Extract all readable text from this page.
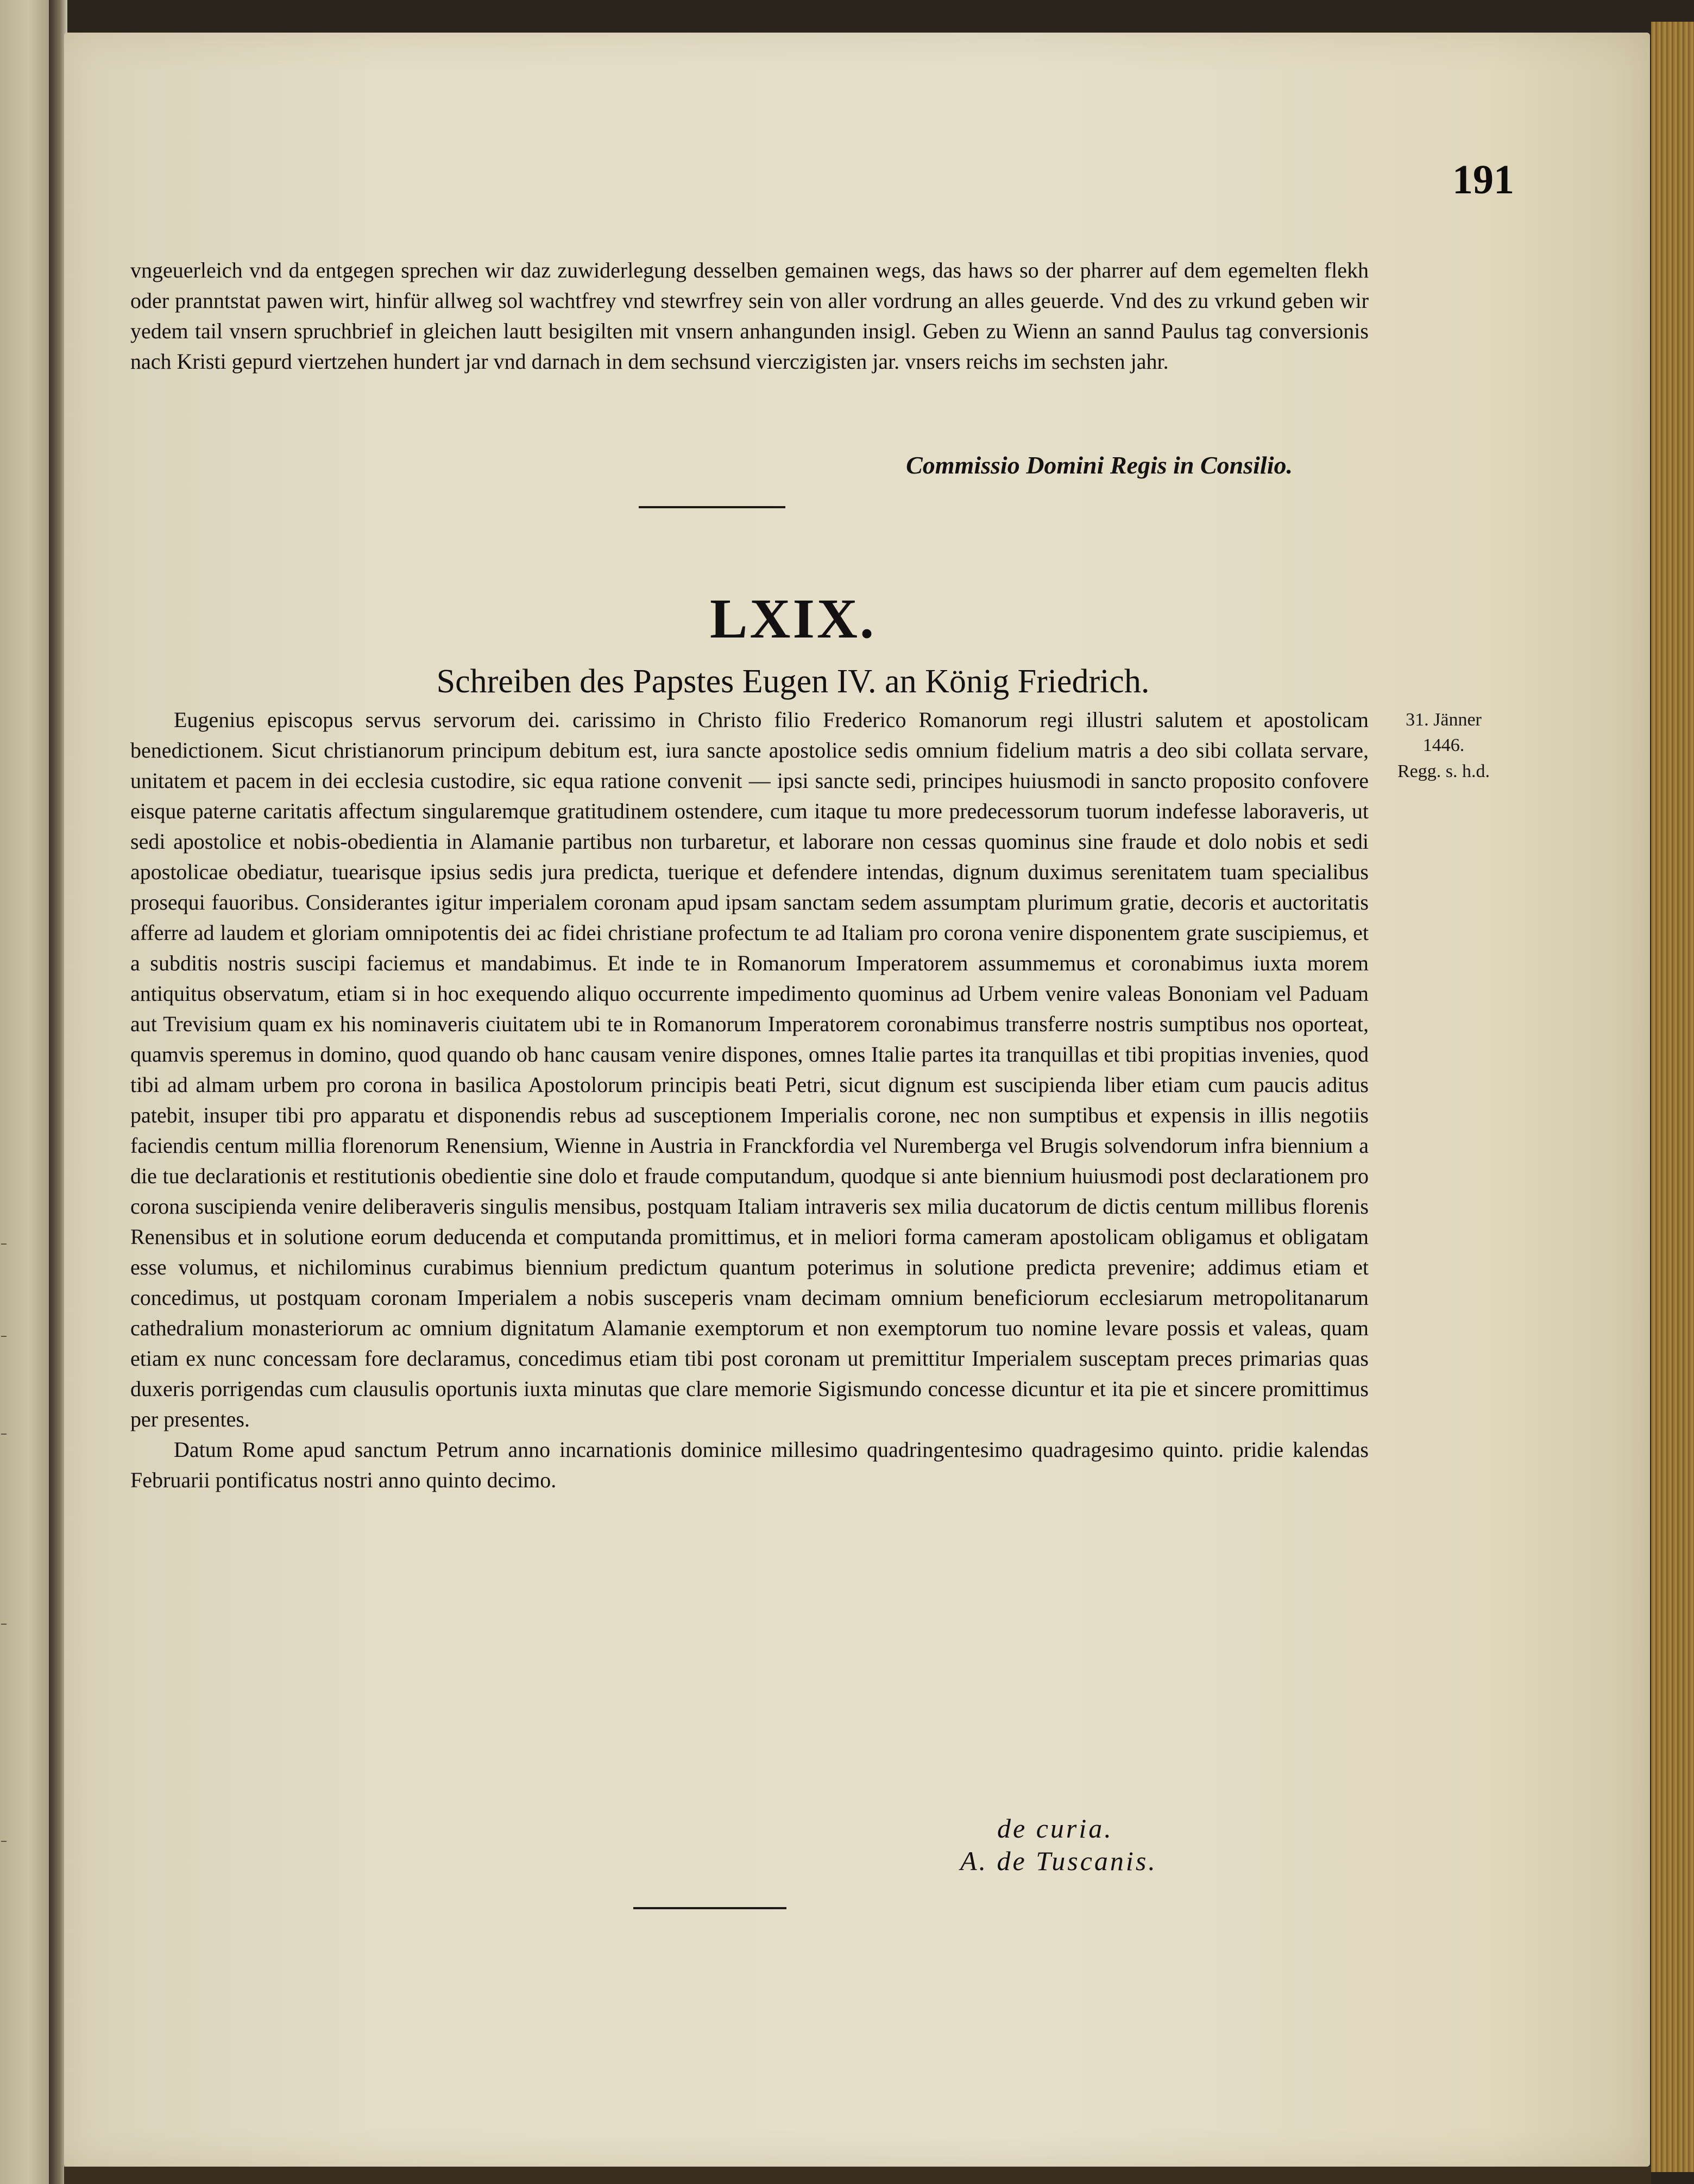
191

vngeuerleich vnd da entgegen sprechen wir daz zuwiderlegung desselben gemainen wegs, das haws so der pharrer auf dem egemelten flekh oder pranntstat pawen wirt, hinfür allweg sol wachtfrey vnd stewrfrey sein von aller vordrung an alles geuerde. Vnd des zu vrkund geben wir yedem tail vnsern spruchbrief in gleichen lautt besigilten mit vnsern anhangunden insigl. Geben zu Wienn an sannd Paulus tag conversionis nach Kristi gepurd viertzehen hundert jar vnd darnach in dem sechsund vierczigisten jar. vnsers reichs im sechsten jahr.

Commissio Domini Regis in Consilio.
LXIX.
Schreiben des Papstes Eugen IV. an König Friedrich.
31. Jänner
1446.
Regg. s. h.d.

Eugenius episcopus servus servorum dei. carissimo in Christo filio Frederico Romanorum regi illustri salutem et apostolicam benedictionem. Sicut christianorum principum debitum est, iura sancte apostolice sedis omnium fidelium matris a deo sibi collata servare, unitatem et pacem in dei ecclesia custodire, sic equa ratione convenit — ipsi sancte sedi, principes huiusmodi in sancto proposito confovere eisque paterne caritatis affectum singularemque gratitudinem ostendere, cum itaque tu more predecessorum tuorum indefesse laboraveris, ut sedi apostolice et nobis-obedientia in Alamanie partibus non turbaretur, et laborare non cessas quominus sine fraude et dolo nobis et sedi apostolicae obediatur, tuearisque ipsius sedis jura predicta, tuerique et defendere intendas, dignum duximus serenitatem tuam specialibus prosequi fauoribus. Considerantes igitur imperialem coronam apud ipsam sanctam sedem assumptam plurimum gratie, decoris et auctoritatis afferre ad laudem et gloriam omnipotentis dei ac fidei christiane profectum te ad Italiam pro corona venire disponentem grate suscipiemus, et a subditis nostris suscipi faciemus et mandabimus. Et inde te in Romanorum Imperatorem assummemus et coronabimus iuxta morem antiquitus observatum, etiam si in hoc exequendo aliquo occurrente impedimento quominus ad Urbem venire valeas Bononiam vel Paduam aut Trevisium quam ex his nominaveris ciuitatem ubi te in Romanorum Imperatorem coronabimus transferre nostris sumptibus nos oporteat, quamvis speremus in domino, quod quando ob hanc causam venire dispones, omnes Italie partes ita tranquillas et tibi propitias invenies, quod tibi ad almam urbem pro corona in basilica Apostolorum principis beati Petri, sicut dignum est suscipienda liber etiam cum paucis aditus patebit, insuper tibi pro apparatu et disponendis rebus ad susceptionem Imperialis corone, nec non sumptibus et expensis in illis negotiis faciendis centum millia florenorum Renensium, Wienne in Austria in Franckfordia vel Nuremberga vel Brugis solvendorum infra biennium a die tue declarationis et restitutionis obedientie sine dolo et fraude computandum, quodque si ante biennium huiusmodi post declarationem pro corona suscipienda venire deliberaveris singulis mensibus, postquam Italiam intraveris sex milia ducatorum de dictis centum millibus florenis Renensibus et in solutione eorum deducenda et computanda promittimus, et in meliori forma cameram apostolicam obligamus et obligatam esse volumus, et nichilominus curabimus biennium predictum quantum poterimus in solutione predicta prevenire; addimus etiam et concedimus, ut postquam coronam Imperialem a nobis susceperis vnam decimam omnium beneficiorum ecclesiarum metropolitanarum cathedralium monasteriorum ac omnium dignitatum Alamanie exemptorum et non exemptorum tuo nomine levare possis et valeas, quam etiam ex nunc concessam fore declaramus, concedimus etiam tibi post coronam ut premittitur Imperialem susceptam preces primarias quas duxeris porrigendas cum clausulis oportunis iuxta minutas que clare memorie Sigismundo concesse dicuntur et ita pie et sincere promittimus per presentes.

Datum Rome apud sanctum Petrum anno incarnationis dominice millesimo quadringentesimo quadragesimo quinto. pridie kalendas Februarii pontificatus nostri anno quinto decimo.

de curia.
A. de Tuscanis.
